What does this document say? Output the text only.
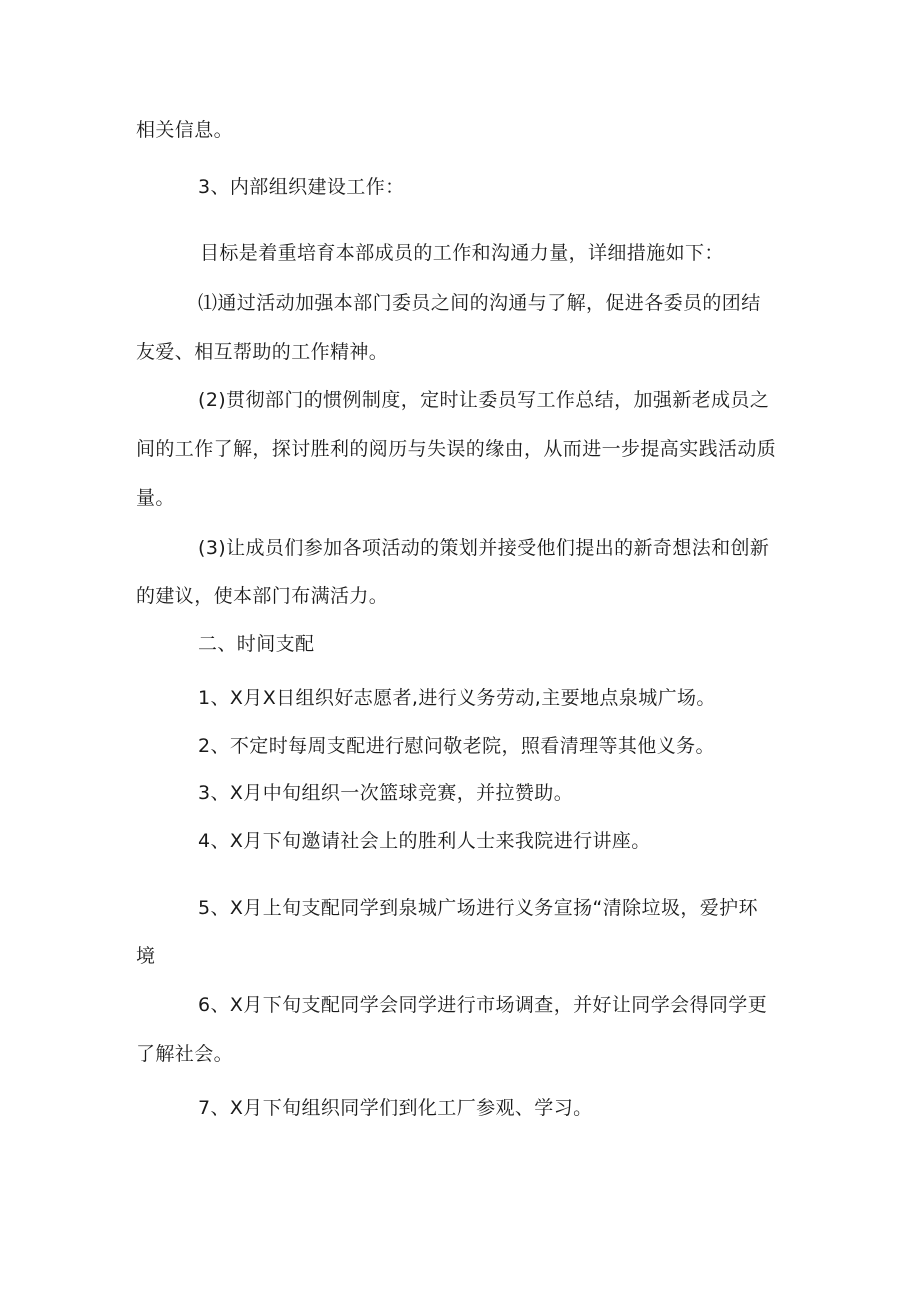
相关信息。
3、内部组织建设工作：
目标是着重培育本部成员的工作和沟通力量，详细措施如下：
⑴通过活动加强本部门委员之间的沟通与了解，促进各委员的团结
友爱、相互帮助的工作精神。
(2)贯彻部门的惯例制度，定时让委员写工作总结，加强新老成员之
间的工作了解，探讨胜利的阅历与失误的缘由，从而进一步提高实践活动质
量。
(3)让成员们参加各项活动的策划并接受他们提出的新奇想法和创新
的建议，使本部门布满活力。
二、时间支配
1、X月X日组织好志愿者,进行义务劳动,主要地点泉城广场。
2、不定时每周支配进行慰问敬老院，照看清理等其他义务。
3、X月中旬组织一次篮球竞赛，并拉赞助。
4、X月下旬邀请社会上的胜利人士来我院进行讲座。
5、X月上旬支配同学到泉城广场进行义务宣扬“清除垃圾，爱护环
境
6、X月下旬支配同学会同学进行市场调查，并好让同学会得同学更
了解社会。
7、X月下旬组织同学们到化工厂参观、学习。
